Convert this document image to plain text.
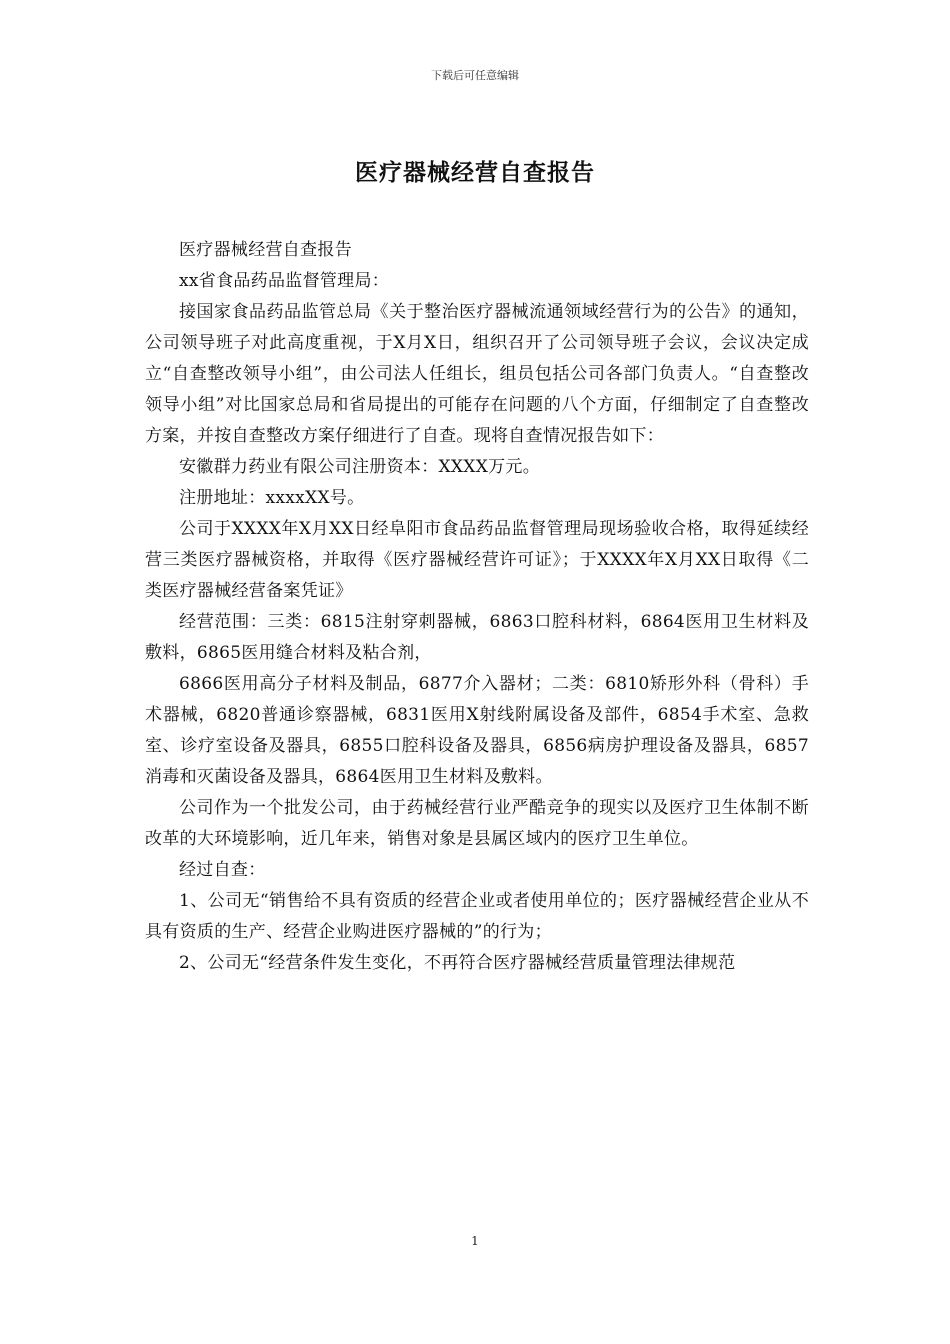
下载后可任意编辑
医疗器械经营自查报告

医疗器械经营自查报告

xx省食品药品监督管理局：

接国家食品药品监管总局《关于整治医疗器械流通领域经营行为的公告》的通知，公司领导班子对此高度重视，于X月X日，组织召开了公司领导班子会议，会议决定成立“自查整改领导小组”，由公司法人任组长，组员包括公司各部门负责人。“自查整改领导小组”对比国家总局和省局提出的可能存在问题的八个方面，仔细制定了自查整改方案，并按自查整改方案仔细进行了自查。现将自查情况报告如下：

安徽群力药业有限公司注册资本：XXXX万元。

注册地址：xxxxXX号。

公司于XXXX年X月XX日经阜阳市食品药品监督管理局现场验收合格，取得延续经营三类医疗器械资格，并取得《医疗器械经营许可证》；于XXXX年X月XX日取得《二类医疗器械经营备案凭证》

经营范围：三类：6815注射穿刺器械，6863口腔科材料，6864医用卫生材料及敷料，6865医用缝合材料及粘合剂，

6866医用高分子材料及制品，6877介入器材；二类：6810矫形外科（骨科）手术器械，6820普通诊察器械，6831医用X射线附属设备及部件，6854手术室、急救室、诊疗室设备及器具，6855口腔科设备及器具，6856病房护理设备及器具，6857消毒和灭菌设备及器具，6864医用卫生材料及敷料。

公司作为一个批发公司，由于药械经营行业严酷竞争的现实以及医疗卫生体制不断改革的大环境影响，近几年来，销售对象是县属区域内的医疗卫生单位。

经过自查：

1、公司无“销售给不具有资质的经营企业或者使用单位的；医疗器械经营企业从不具有资质的生产、经营企业购进医疗器械的”的行为；

2、公司无“经营条件发生变化，不再符合医疗器械经营质量管理法律规范

1
